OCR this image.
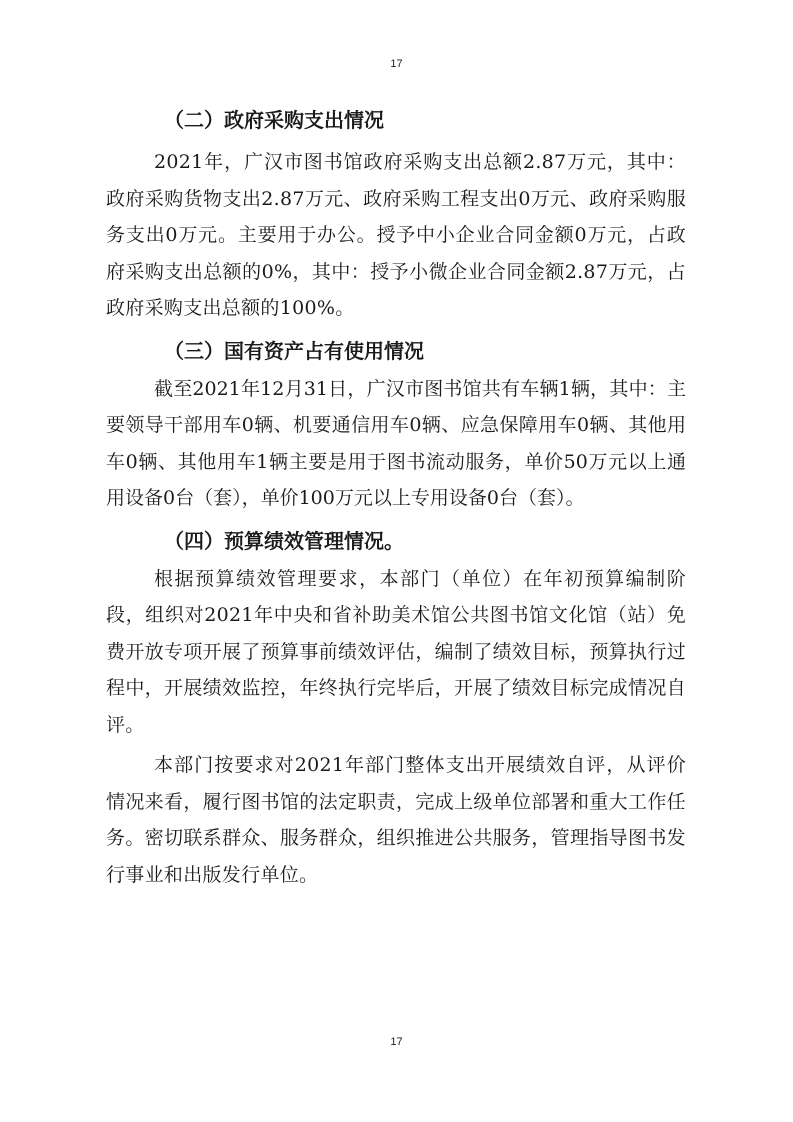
17
（二）政府采购支出情况

2021年，广汉市图书馆政府采购支出总额2.87万元，其中：政府采购货物支出2.87万元、政府采购工程支出0万元、政府采购服务支出0万元。主要用于办公。授予中小企业合同金额0万元，占政府采购支出总额的0%，其中：授予小微企业合同金额2.87万元，占政府采购支出总额的100%。

（三）国有资产占有使用情况

截至2021年12月31日，广汉市图书馆共有车辆1辆，其中：主要领导干部用车0辆、机要通信用车0辆、应急保障用车0辆、其他用车0辆、其他用车1辆主要是用于图书流动服务，单价50万元以上通用设备0台（套），单价100万元以上专用设备0台（套）。

（四）预算绩效管理情况。

根据预算绩效管理要求，本部门（单位）在年初预算编制阶段，组织对2021年中央和省补助美术馆公共图书馆文化馆（站）免费开放专项开展了预算事前绩效评估，编制了绩效目标，预算执行过程中，开展绩效监控，年终执行完毕后，开展了绩效目标完成情况自评。

本部门按要求对2021年部门整体支出开展绩效自评，从评价情况来看，履行图书馆的法定职责，完成上级单位部署和重大工作任务。密切联系群众、服务群众，组织推进公共服务，管理指导图书发行事业和出版发行单位。

17
